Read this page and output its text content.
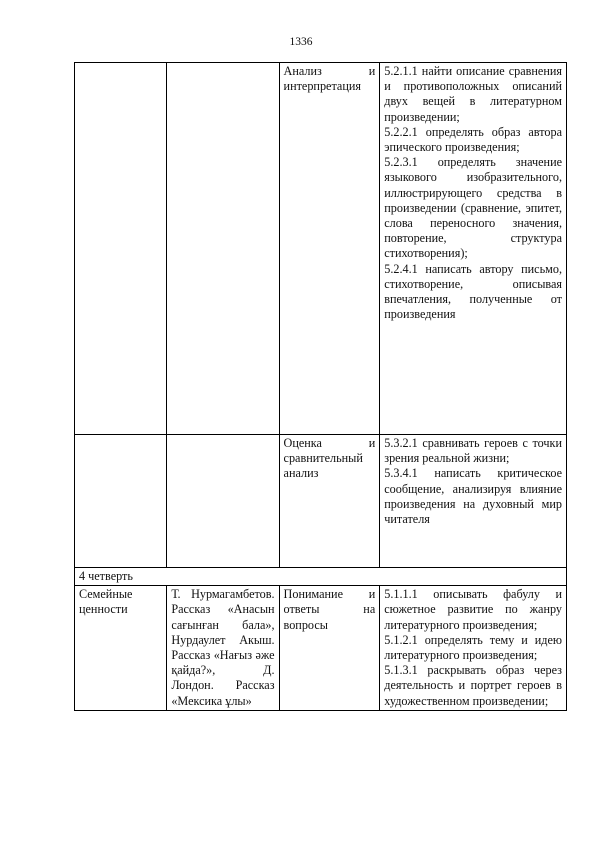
1336

		Анализ и интерпретация	5.2.1.1 найти описание сравнения и противоположных описаний двух вещей в литературном произведении;

5.2.2.1 определять образ автора эпического произведения;

5.2.3.1 определять значение языкового изобразительного, иллюстрирующего средства в произведении (сравнение, эпитет, слова переносного значения, повторение, структура стихотворения);

5.2.4.1 написать автору письмо, стихотворение, описывая впечатления, полученные от произведения

		Оценка и сравнительный анализ	5.3.2.1 сравнивать героев с точки зрения реальной жизни;

5.3.4.1 написать критическое сообщение, анализируя влияние произведения на духовный мир читателя

4 четверть			

Семейные ценности	Т. Нурмагамбетов. Рассказ «Анасын сағынған бала», Нурдаулет Акыш. Рассказ «Нағыз әже қайда?», Д. Лондон. Рассказ «Мексика ұлы»	Понимание и ответы на вопросы	5.1.1.1 описывать фабулу и сюжетное развитие по жанру литературного произведения;

5.1.2.1 определять тему и идею литературного произведения;

5.1.3.1 раскрывать образ через деятельность и портрет героев в художественном произведении;
